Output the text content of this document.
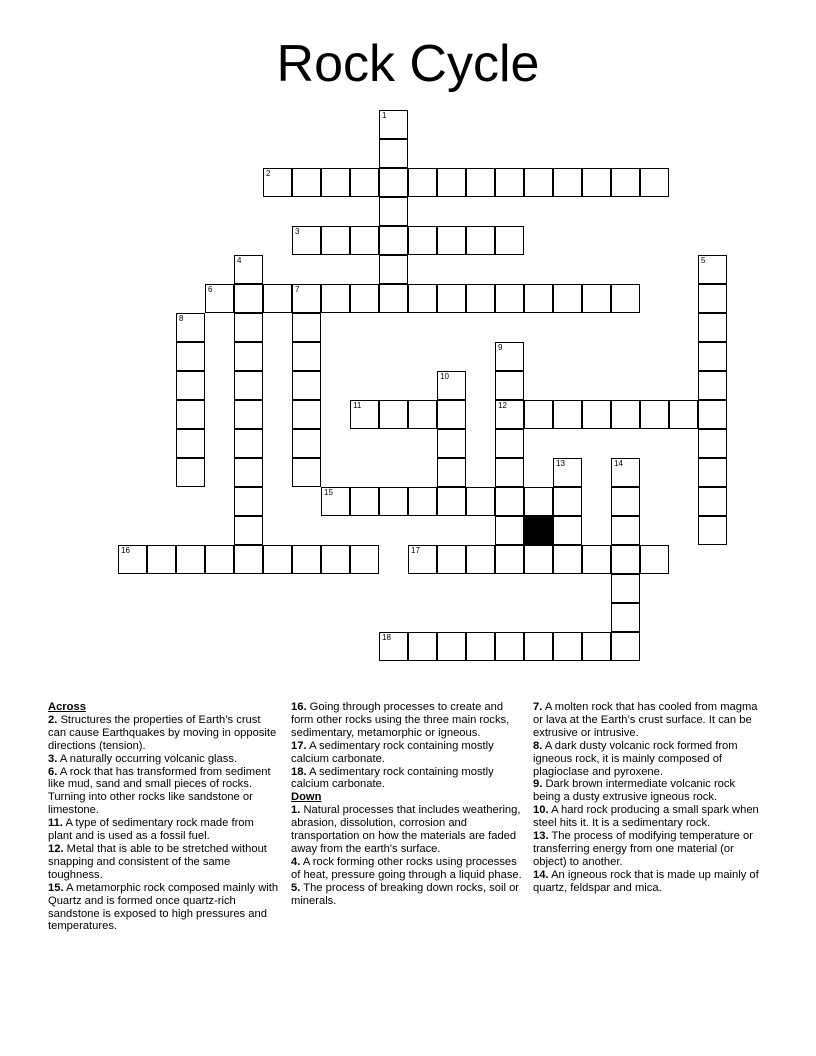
Rock Cycle
1
2
3
4	5
6	7
8
9
12
10
11
13	14
15
16	17
18
Across

2. Structures the properties of Earth’s crust can cause Earthquakes by moving in opposite directions (tension).

3. A naturally occurring volcanic glass.

6. A rock that has transformed from sediment like mud, sand and small pieces of rocks. Turning into other rocks like sandstone or limestone.

11. A type of sedimentary rock made from plant and is used as a fossil fuel.

12. Metal that is able to be stretched without snapping and consistent of the same toughness.

15. A metamorphic rock composed mainly with Quartz and is formed once quartz-rich sandstone is exposed to high pressures and temperatures.

16. Going through processes to create and form other rocks using the three main rocks, sedimentary, metamorphic or igneous.

17. A sedimentary rock containing mostly calcium carbonate.

18. A sedimentary rock containing mostly calcium carbonate.

Down

1. Natural processes that includes weathering, abrasion, dissolution, corrosion and transportation on how the materials are faded away from the earth's surface.

4. A rock forming other rocks using processes of heat, pressure going through a liquid phase.

5. The process of breaking down rocks, soil or minerals.

7. A molten rock that has cooled from magma or lava at the Earth’s crust surface. It can be extrusive or intrusive.

8. A dark dusty volcanic rock formed from igneous rock, it is mainly composed of plagioclase and pyroxene.

9. Dark brown intermediate volcanic rock being a dusty extrusive igneous rock.

10. A hard rock producing a small spark when steel hits it. It is a sedimentary rock.

13. The process of modifying temperature or transferring energy from one material (or object) to another.

14. An igneous rock that is made up mainly of quartz, feldspar and mica.
